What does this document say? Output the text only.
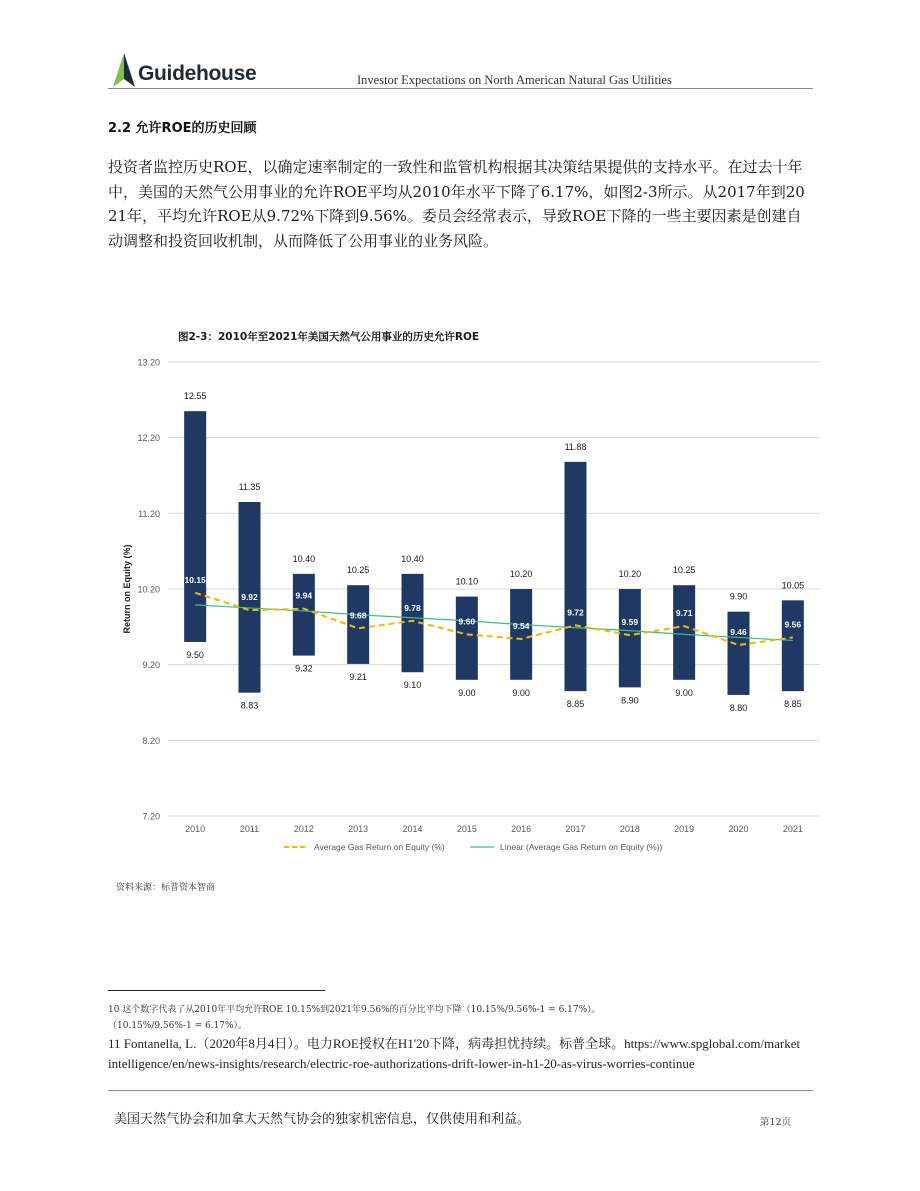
Guidehouse	Investor Expectations on North American Natural Gas Utilities
2.2 允许ROE的历史回顾
投资者监控历史ROE，以确定速率制定的一致性和监管机构根据其决策结果提供的支持水平。在过去十年中，美国的天然气公用事业的允许ROE平均从2010年水平下降了6.17%，如图2-3所示。从2017年到2021年，平均允许ROE从9.72%下降到9.56%。委员会经常表示，导致ROE下降的一些主要因素是创建自动调整和投资回收机制，从而降低了公用事业的业务风险。
图2-3：2010年至2021年美国天然气公用事业的历史允许ROE
13.20
12.20
11.20
10.20
9.20
8.20
7.20
Return on Equity (%)
2010	2011	2012	2013	2014	2015	2016	2017	2018	2019	2020	2021
12.55
9.50
11.35
8.83
10.40
9.32
10.25
9.21
10.40
9.10
10.10
9.00
10.20
9.00
11.88
8.85
10.20
8.90
10.25
9.00
9.90
8.80
10.05
8.85
10.15
9.92	9.94
9.68
9.78
9.60	9.54
9.72
9.59
9.71
9.46
9.56
Average Gas Return on Equity (%)	Linear (Average Gas Return on Equity (%))
资料来源：标普资本智商
10 这个数字代表了从2010年平均允许ROE 10.15%到2021年9.56%的百分比平均下降（10.15%/9.56%-1 = 6.17%）。
（10.15%/9.56%-1 = 6.17%）。
11 Fontanella, L.（2020年8月4日）。电力ROE授权在H1'20下降，病毒担忧持续。标普全球。https://www.spglobal.com/marketintelligence/en/news-insights/research/electric-roe-authorizations-drift-lower-in-h1-20-as-virus-worries-continue
美国天然气协会和加拿大天然气协会的独家机密信息，仅供使用和利益。	第12页
